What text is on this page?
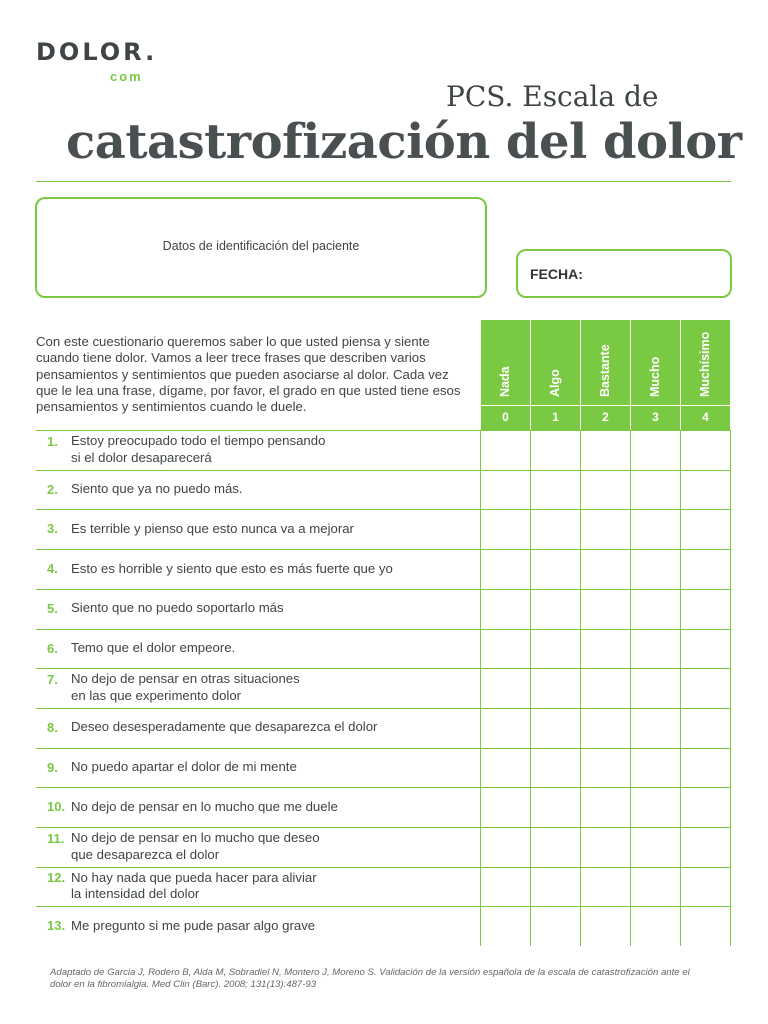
DOLOR.
com
PCS. Escala de
catastrofización del dolor
Datos de identificación del paciente
FECHA:
Con este cuestionario queremos saber lo que usted piensa y siente cuando tiene dolor. Vamos a leer trece frases que describen varios pensamientos y sentimientos que pueden asociarse al dolor. Cada vez que le lea una frase, dígame, por favor, el grado en que usted tiene esos pensamientos y sentimientos cuando le duele.
Nada
0
Algo
1
Bastante
2
Mucho
3
Muchísimo
4
1. Estoy preocupado todo el tiempo pensando
si el dolor desaparecerá
2. Siento que ya no puedo más.
3. Es terrible y pienso que esto nunca va a mejorar
4. Esto es horrible y siento que esto es más fuerte que yo
5. Siento que no puedo soportarlo más
6. Temo que el dolor empeore.
7. No dejo de pensar en otras situaciones
en las que experimento dolor
8. Deseo desesperadamente que desaparezca el dolor
9. No puedo apartar el dolor de mi mente
10. No dejo de pensar en lo mucho que me duele
11. No dejo de pensar en lo mucho que deseo
que desaparezca el dolor
12. No hay nada que pueda hacer para aliviar
la intensidad del dolor
13. Me pregunto si me pude pasar algo grave
Adaptado de Garcia J, Rodero B, Alda M, Sobradiel N, Montero J, Moreno S. Validación de la versión española de la escala de catastrofización ante el dolor en la fibromialgia. Med Clin (Barc). 2008; 131(13):487-93
